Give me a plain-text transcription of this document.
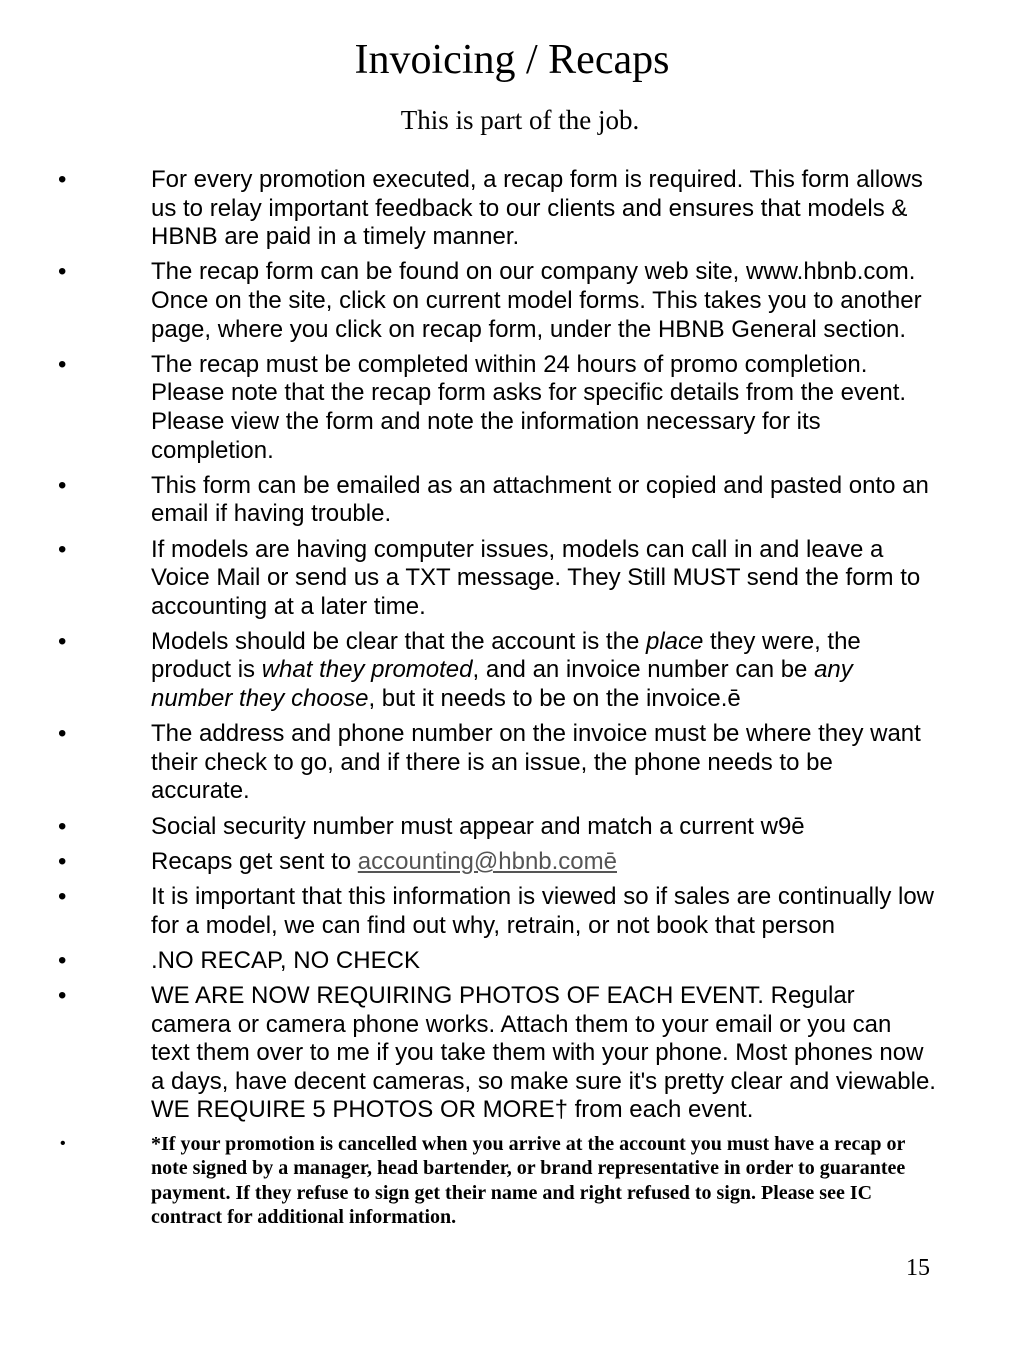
Invoicing / Recaps

This is part of the job.

•	For every promotion executed, a recap form is required. This form allows us to relay important feedback to our clients and ensures that models & HBNB are paid in a timely manner.
•	The recap form can be found on our company web site, www.hbnb.com. Once on the site, click on current model forms. This takes you to another page, where you click on recap form, under the HBNB General section.
•	The recap must be completed within 24 hours of promo completion. Please note that the recap form asks for specific details from the event. Please view the form and note the information necessary for its completion.
•	This form can be emailed as an attachment or copied and pasted onto an email if having trouble.
•	If models are having computer issues, models can call in and leave a Voice Mail or send us a TXT message. They Still MUST send the form to accounting at a later time.
•	Models should be clear that the account is the place they were, the product is what they promoted, and an invoice number can be any number they choose, but it needs to be on the invoice.ē
•	The address and phone number on the invoice must be where they want their check to go, and if there is an issue, the phone needs to be accurate.
•	Social security number must appear and match a current w9ē
•	Recaps get sent to accounting@hbnb.comē
•	It is important that this information is viewed so if sales are continually low for a model, we can find out why, retrain, or not book that person
•	.NO RECAP, NO CHECK
•	WE ARE NOW REQUIRING PHOTOS OF EACH EVENT. Regular camera or camera phone works. Attach them to your email or you can text them over to me if you take them with your phone. Most phones now a days, have decent cameras, so make sure it's pretty clear and viewable. WE REQUIRE 5 PHOTOS OR MORE† from each event.
•	*If your promotion is cancelled when you arrive at the account you must have a recap or note signed by a manager, head bartender, or brand representative in order to guarantee payment. If they refuse to sign get their name and right refused to sign. Please see IC contract for additional information.
15
